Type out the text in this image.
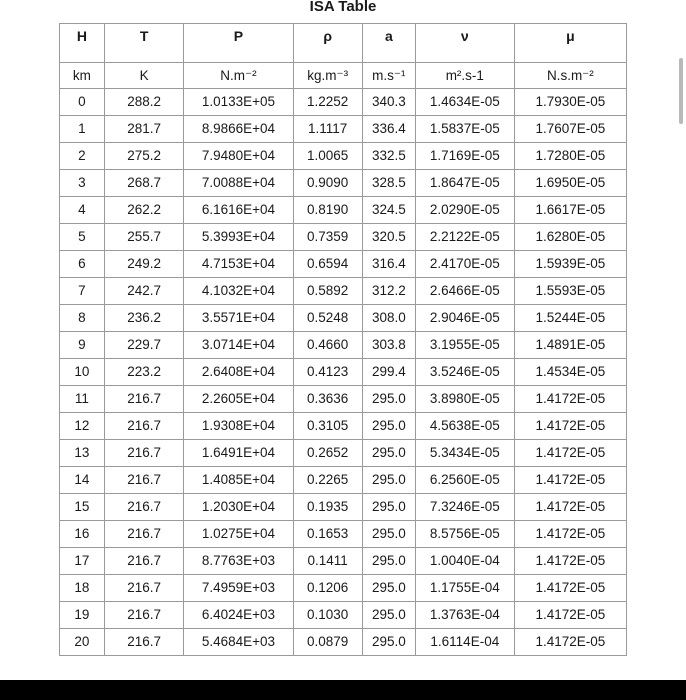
ISA Table
H	T	P	ρ	a	ν	μ
km	K	N.m⁻²	kg.m⁻³	m.s⁻¹	m².s-1	N.s.m⁻²
0	288.2	1.0133E+05	1.2252	340.3	1.4634E-05	1.7930E-05
1	281.7	8.9866E+04	1.1117	336.4	1.5837E-05	1.7607E-05
2	275.2	7.9480E+04	1.0065	332.5	1.7169E-05	1.7280E-05
3	268.7	7.0088E+04	0.9090	328.5	1.8647E-05	1.6950E-05
4	262.2	6.1616E+04	0.8190	324.5	2.0290E-05	1.6617E-05
5	255.7	5.3993E+04	0.7359	320.5	2.2122E-05	1.6280E-05
6	249.2	4.7153E+04	0.6594	316.4	2.4170E-05	1.5939E-05
7	242.7	4.1032E+04	0.5892	312.2	2.6466E-05	1.5593E-05
8	236.2	3.5571E+04	0.5248	308.0	2.9046E-05	1.5244E-05
9	229.7	3.0714E+04	0.4660	303.8	3.1955E-05	1.4891E-05
10	223.2	2.6408E+04	0.4123	299.4	3.5246E-05	1.4534E-05
11	216.7	2.2605E+04	0.3636	295.0	3.8980E-05	1.4172E-05
12	216.7	1.9308E+04	0.3105	295.0	4.5638E-05	1.4172E-05
13	216.7	1.6491E+04	0.2652	295.0	5.3434E-05	1.4172E-05
14	216.7	1.4085E+04	0.2265	295.0	6.2560E-05	1.4172E-05
15	216.7	1.2030E+04	0.1935	295.0	7.3246E-05	1.4172E-05
16	216.7	1.0275E+04	0.1653	295.0	8.5756E-05	1.4172E-05
17	216.7	8.7763E+03	0.1411	295.0	1.0040E-04	1.4172E-05
18	216.7	7.4959E+03	0.1206	295.0	1.1755E-04	1.4172E-05
19	216.7	6.4024E+03	0.1030	295.0	1.3763E-04	1.4172E-05
20	216.7	5.4684E+03	0.0879	295.0	1.6114E-04	1.4172E-05
